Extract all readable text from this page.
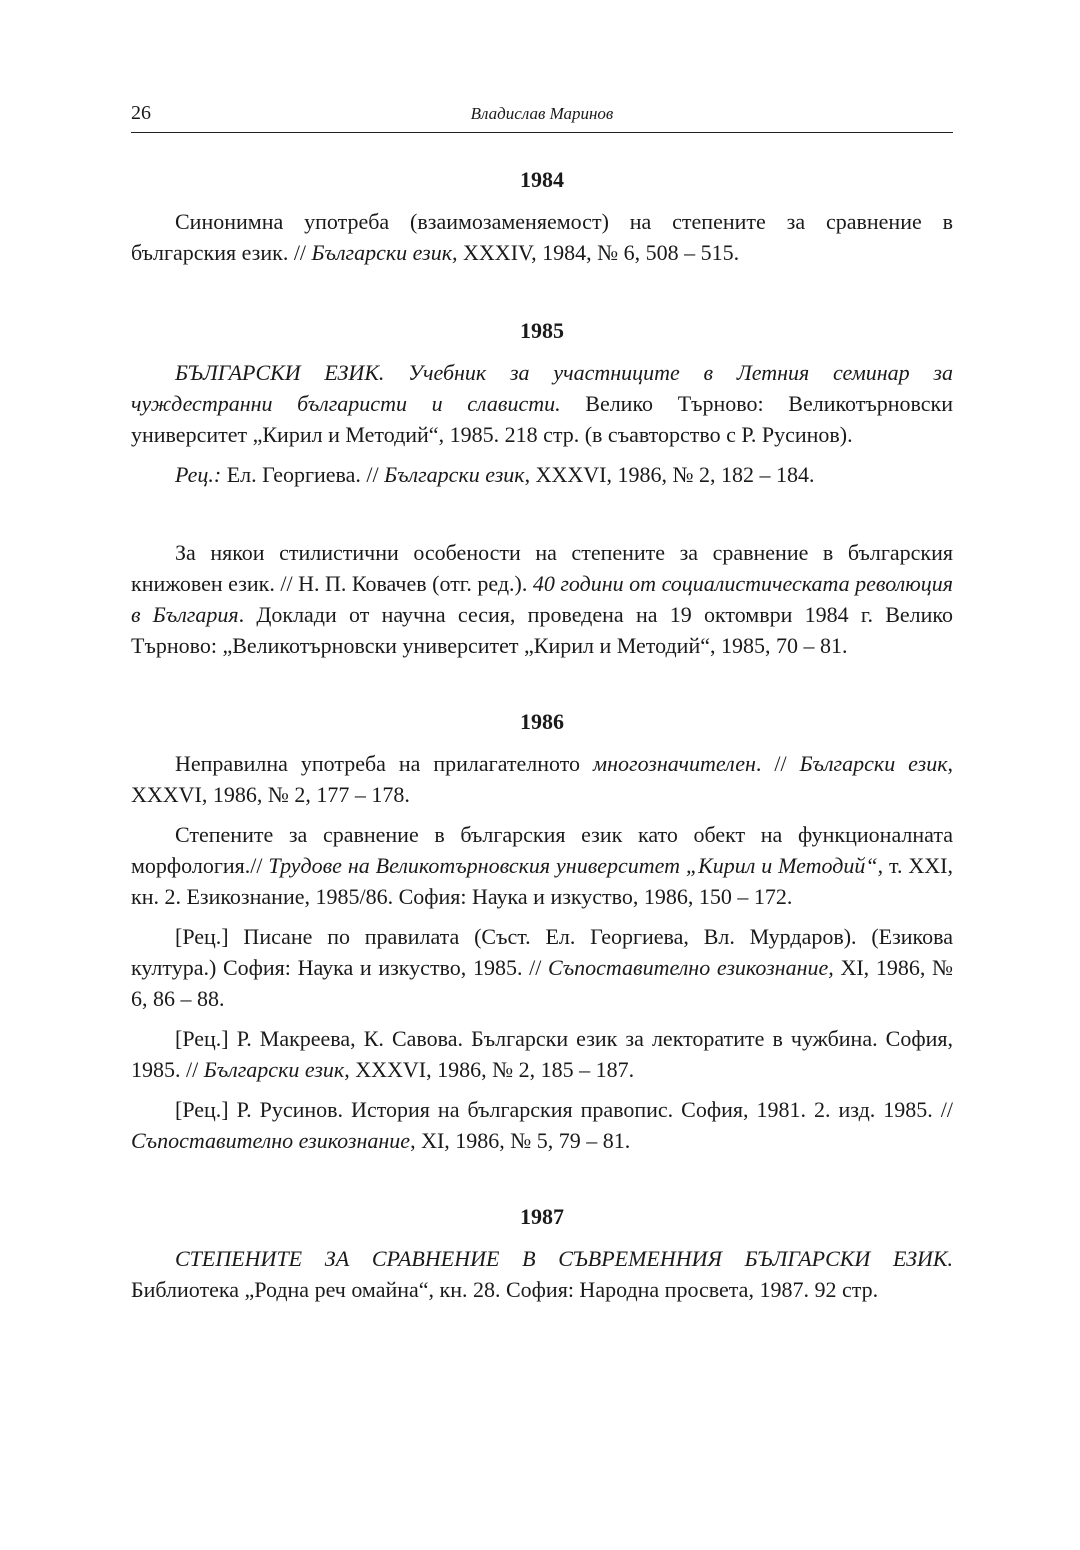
26	Владислав Маринов
1984

Синонимна употреба (взаимозаменяемост) на степените за сравнение в българския език. // Български език, XXXIV, 1984, № 6, 508 – 515.

1985

БЪЛГАРСКИ ЕЗИК. Учебник за участниците в Летния семинар за чуждестранни българисти и слависти. Велико Търново: Великотърновски университет „Кирил и Методий“, 1985. 218 стр. (в съавторство с Р. Русинов).

Рец.: Ел. Георгиева. // Български език, XXXVI, 1986, № 2, 182 – 184.

За някои стилистични особености на степените за сравнение в българския книжовен език. // Н. П. Ковачев (отг. ред.). 40 години от социалистическата революция в България. Доклади от научна сесия, проведена на 19 октомври 1984 г. Велико Търново: „Великотърновски университет „Кирил и Методий“, 1985, 70 – 81.

1986

Неправилна употреба на прилагателното многозначителен. // Български език, XXXVI, 1986, № 2, 177 – 178.

Степените за сравнение в българския език като обект на функционалната морфология.// Трудове на Великотърновския университет „Кирил и Методий“, т. XXI, кн. 2. Езикознание, 1985/86. София: Наука и изкуство, 1986, 150 – 172.

[Рец.] Писане по правилата (Съст. Ел. Георгиева, Вл. Мурдаров). (Езикова култура.) София: Наука и изкуство, 1985. // Съпоставително езикознание, XI, 1986, № 6, 86 – 88.

[Рец.] Р. Макреева, К. Савова. Български език за лекторатите в чужбина. София, 1985. // Български език, XXXVI, 1986, № 2, 185 – 187.

[Рец.] Р. Русинов. История на българския правопис. София, 1981. 2. изд. 1985. // Съпоставително езикознание, XI, 1986, № 5, 79 – 81.

1987

СТЕПЕНИТЕ ЗА СРАВНЕНИЕ В СЪВРЕМЕННИЯ БЪЛГАРСКИ ЕЗИК. Библиотека „Родна реч омайна“, кн. 28. София: Народна просвета, 1987. 92 стр.
